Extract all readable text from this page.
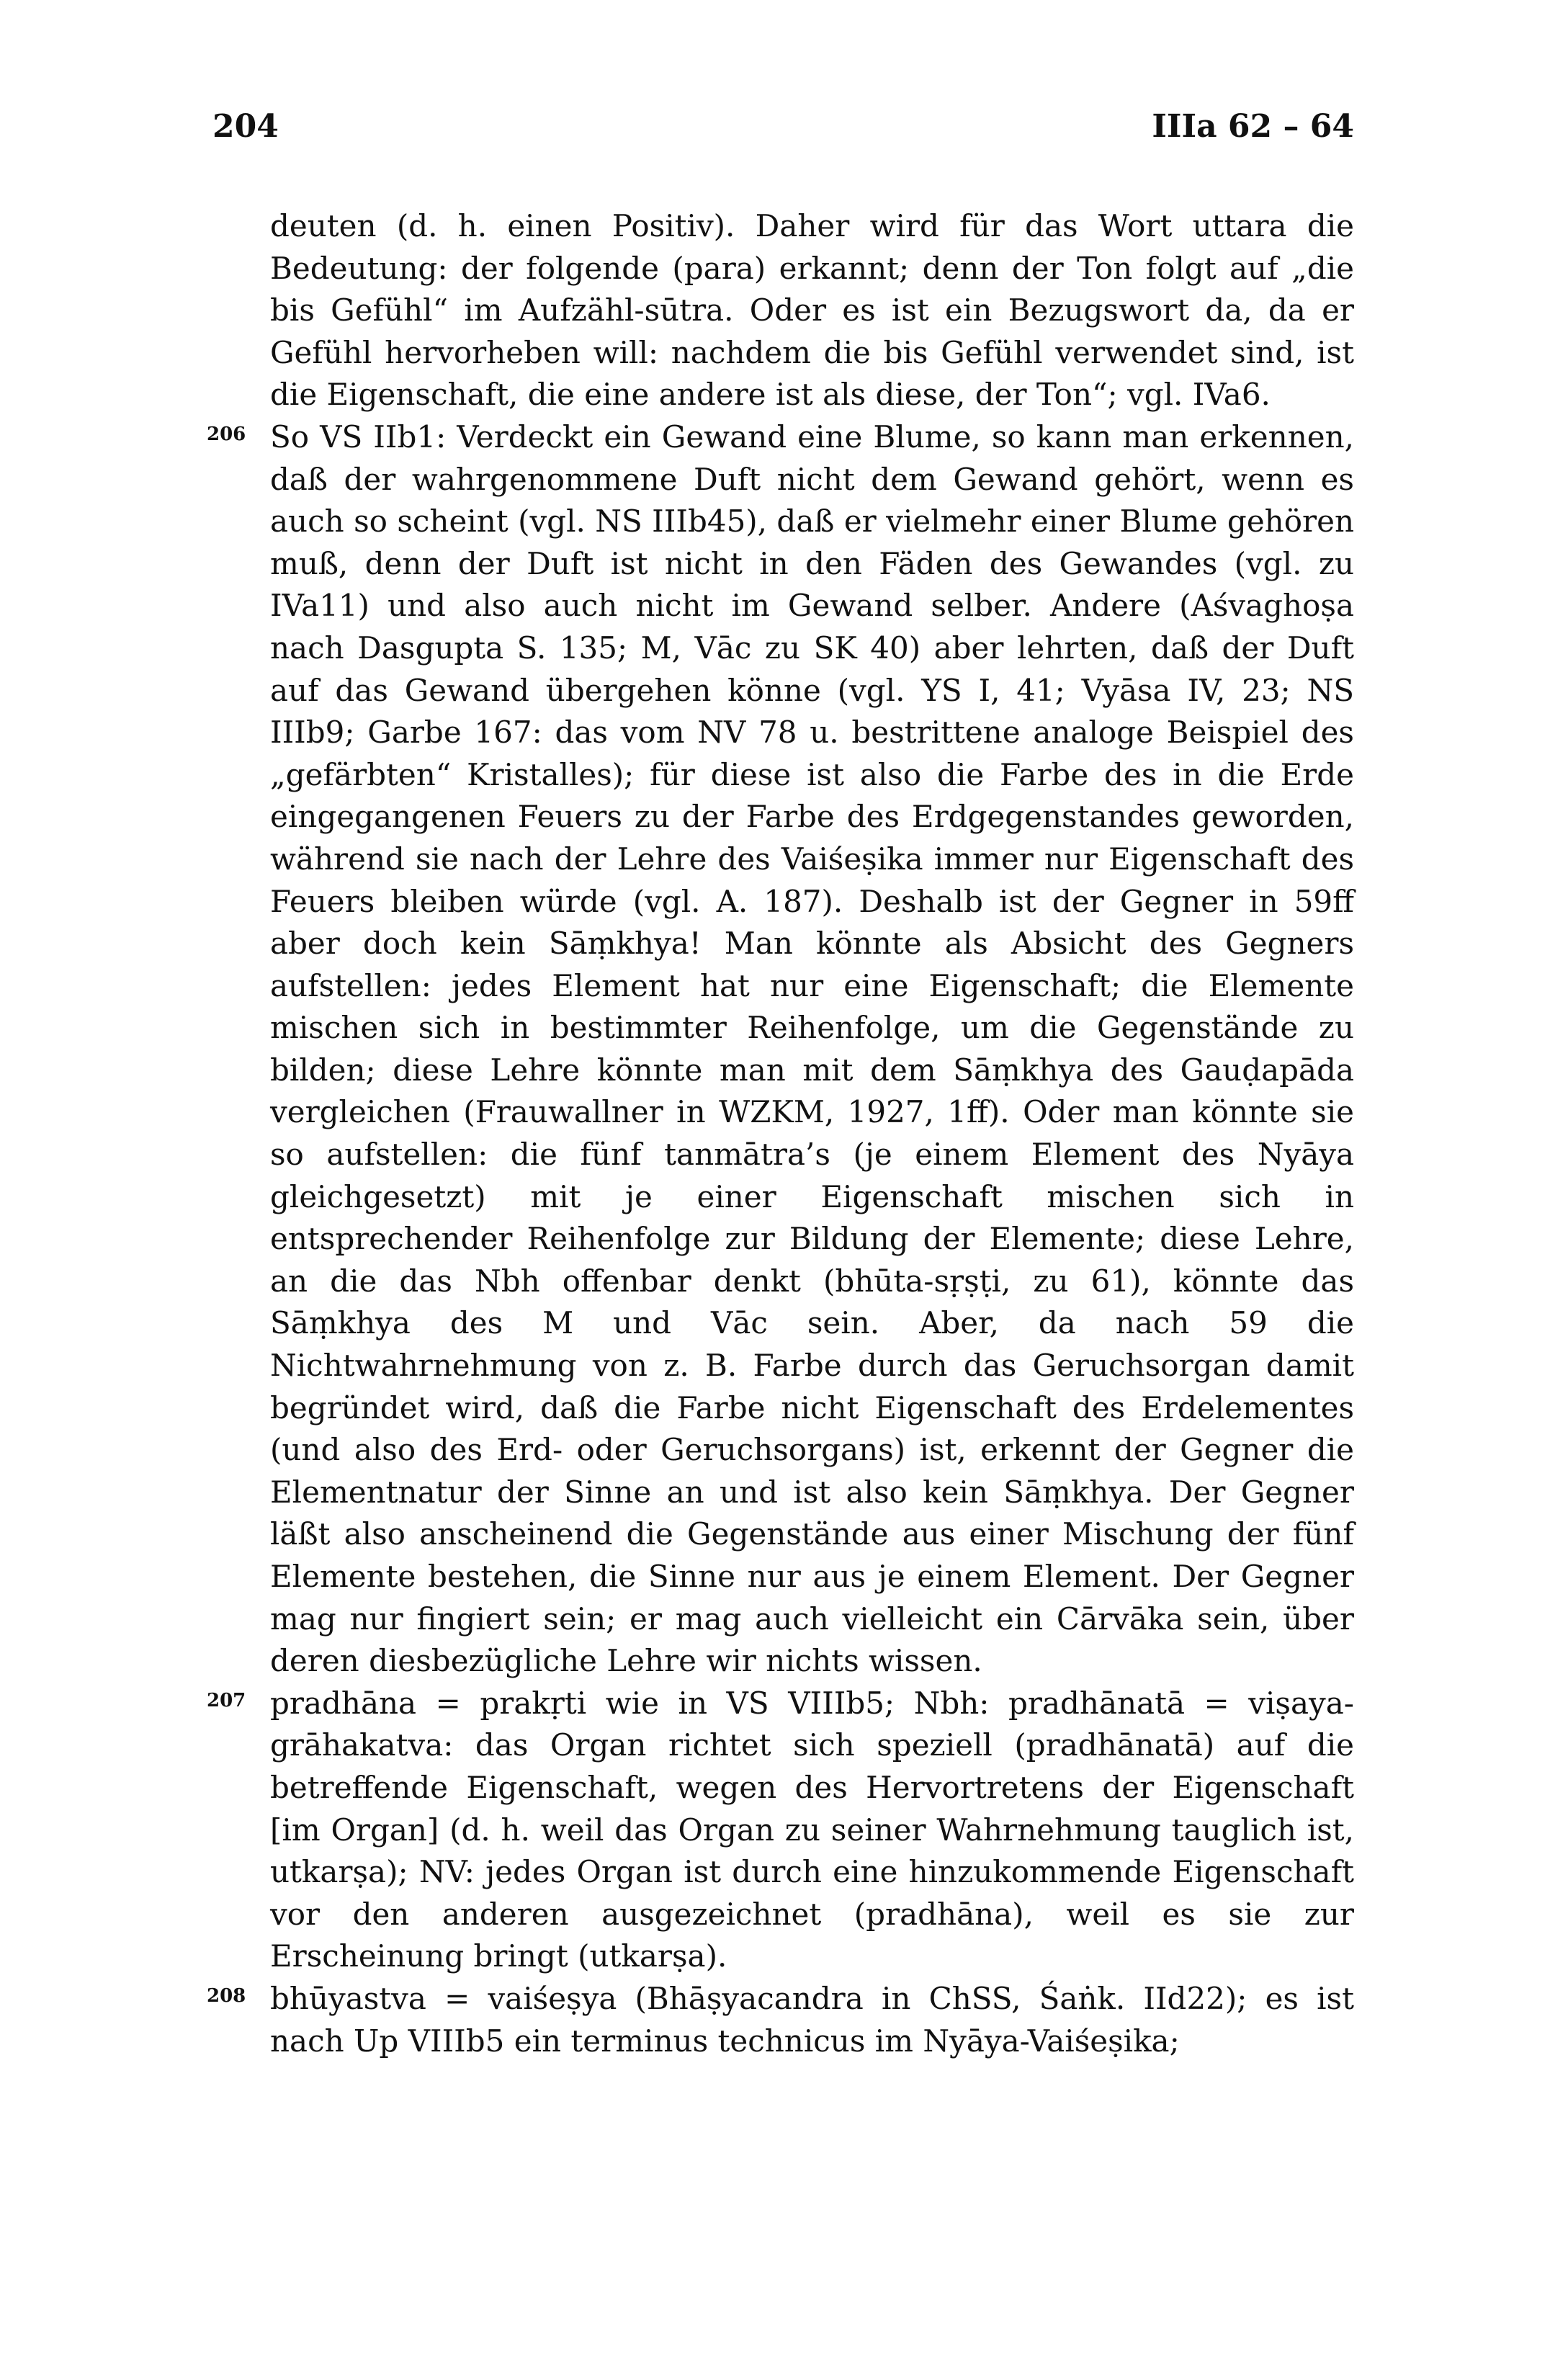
204	IIIa 62 – 64

deuten (d. h. einen Positiv). Daher wird für das Wort uttara die Bedeutung: der folgende (para) erkannt; denn der Ton folgt auf „die bis Gefühl“ im Aufzähl-sūtra. Oder es ist ein Bezugswort da, da er Gefühl hervorheben will: nachdem die bis Gefühl verwendet sind, ist die Eigenschaft, die eine andere ist als diese, der Ton“; vgl. IVa6.

206 So VS IIb1: Verdeckt ein Gewand eine Blume, so kann man erkennen, daß der wahrgenommene Duft nicht dem Gewand gehört, wenn es auch so scheint (vgl. NS IIIb45), daß er vielmehr einer Blume gehören muß, denn der Duft ist nicht in den Fäden des Gewandes (vgl. zu IVa11) und also auch nicht im Gewand selber. Andere (Aśvaghoṣa nach Dasgupta S. 135; M, Vāc zu SK 40) aber lehrten, daß der Duft auf das Gewand übergehen könne (vgl. YS I, 41; Vyāsa IV, 23; NS IIIb9; Garbe 167: das vom NV 78 u. bestrittene analoge Beispiel des „gefärbten“ Kristalles); für diese ist also die Farbe des in die Erde eingegangenen Feuers zu der Farbe des Erdgegenstandes geworden, während sie nach der Lehre des Vaiśeṣika immer nur Eigenschaft des Feuers bleiben würde (vgl. A. 187). Deshalb ist der Gegner in 59ff aber doch kein Sāṃkhya! Man könnte als Absicht des Gegners aufstellen: jedes Element hat nur eine Eigenschaft; die Elemente mischen sich in bestimmter Reihenfolge, um die Gegenstände zu bilden; diese Lehre könnte man mit dem Sāṃkhya des Gauḍapāda vergleichen (Frauwallner in WZKM, 1927, 1ff). Oder man könnte sie so aufstellen: die fünf tanmātra’s (je einem Element des Nyāya gleichgesetzt) mit je einer Eigenschaft mischen sich in entsprechender Reihenfolge zur Bildung der Elemente; diese Lehre, an die das Nbh offenbar denkt (bhūta-sṛṣṭi, zu 61), könnte das Sāṃkhya des M und Vāc sein. Aber, da nach 59 die Nichtwahrnehmung von z. B. Farbe durch das Geruchsorgan damit begründet wird, daß die Farbe nicht Eigenschaft des Erdelementes (und also des Erd- oder Geruchsorgans) ist, erkennt der Gegner die Elementnatur der Sinne an und ist also kein Sāṃkhya. Der Gegner läßt also anscheinend die Gegenstände aus einer Mischung der fünf Elemente bestehen, die Sinne nur aus je einem Element. Der Gegner mag nur fingiert sein; er mag auch vielleicht ein Cārvāka sein, über deren diesbezügliche Lehre wir nichts wissen.

207 pradhāna = prakṛti wie in VS VIIIb5; Nbh: pradhānatā = viṣayagrāhakatva: das Organ richtet sich speziell (pradhānatā) auf die betreffende Eigenschaft, wegen des Hervortretens der Eigenschaft [im Organ] (d. h. weil das Organ zu seiner Wahrnehmung tauglich ist, utkarṣa); NV: jedes Organ ist durch eine hinzukommende Eigenschaft vor den anderen ausgezeichnet (pradhāna), weil es sie zur Erscheinung bringt (utkarṣa).

208 bhūyastva = vaiśeṣya (Bhāṣyacandra in ChSS, Śaṅk. IId22); es ist nach Up VIIIb5 ein terminus technicus im Nyāya-Vaiśeṣika;
